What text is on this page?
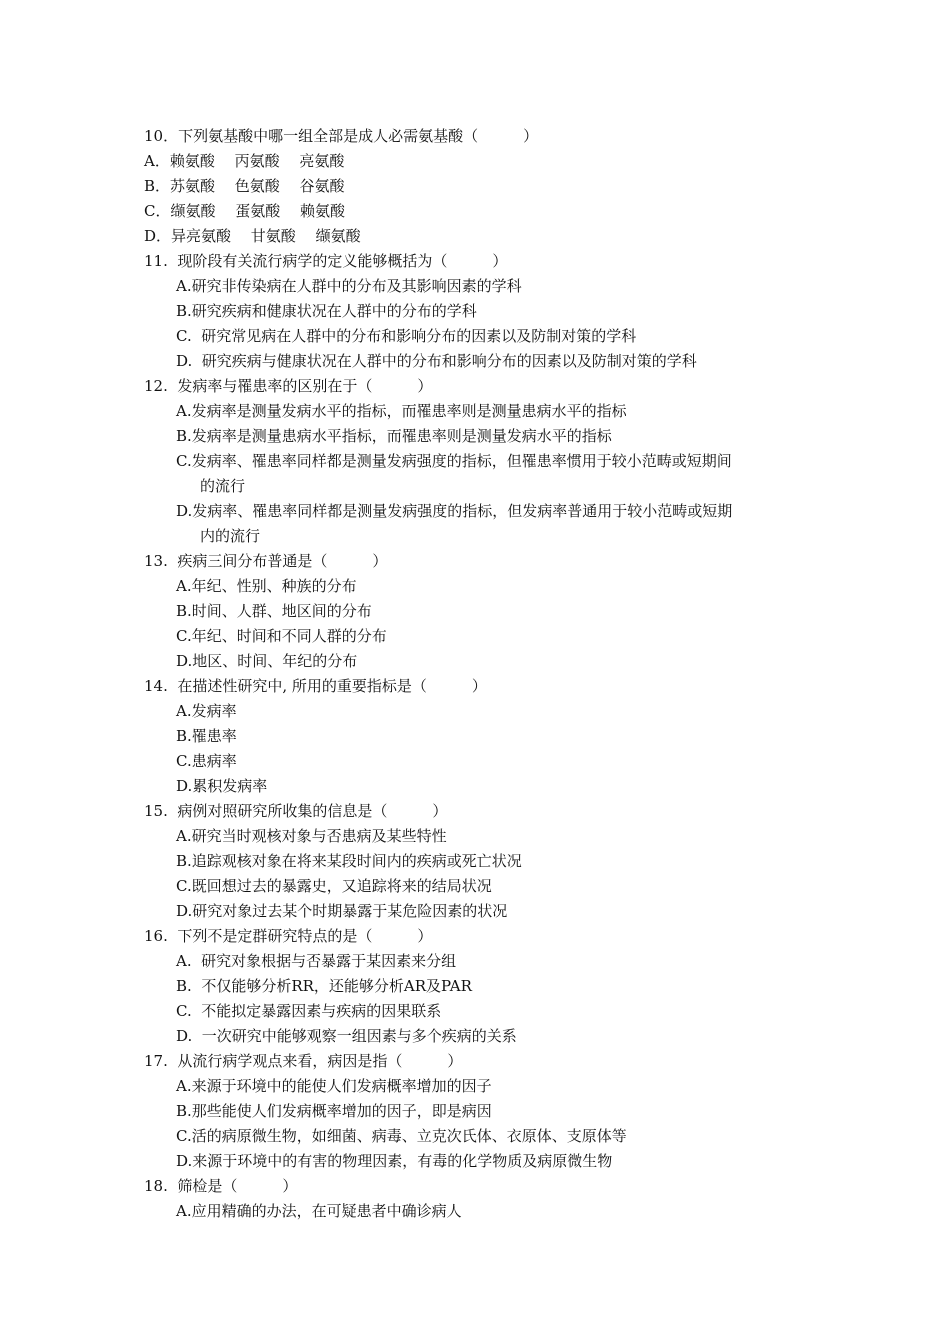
10．下列氨基酸中哪一组全部是成人必需氨基酸（　　　）
A．赖氨酸　 丙氨酸　 亮氨酸
B．苏氨酸　 色氨酸　 谷氨酸
C．缬氨酸　 蛋氨酸　 赖氨酸
D．异亮氨酸　 甘氨酸　 缬氨酸
11.  现阶段有关流行病学的定义能够概括为（　　　）
A.研究非传染病在人群中的分布及其影响因素的学科
B.研究疾病和健康状况在人群中的分布的学科
C.  研究常见病在人群中的分布和影响分布的因素以及防制对策的学科
D.  研究疾病与健康状况在人群中的分布和影响分布的因素以及防制对策的学科
12.  发病率与罹患率的区别在于（　　　）
A.发病率是测量发病水平的指标，而罹患率则是测量患病水平的指标
B.发病率是测量患病水平指标，而罹患率则是测量发病水平的指标
C.发病率、罹患率同样都是测量发病强度的指标，但罹患率惯用于较小范畴或短期间
的流行
D.发病率、罹患率同样都是测量发病强度的指标，但发病率普通用于较小范畴或短期
内的流行
13.  疾病三间分布普通是（　　　）
A.年纪、性别、种族的分布
B.时间、人群、地区间的分布
C.年纪、时间和不同人群的分布
D.地区、时间、年纪的分布
14.  在描述性研究中, 所用的重要指标是（　　　）
A.发病率
B.罹患率
C.患病率
D.累积发病率
15.  病例对照研究所收集的信息是（　　　）
A.研究当时观核对象与否患病及某些特性
B.追踪观核对象在将来某段时间内的疾病或死亡状况
C.既回想过去的暴露史，又追踪将来的结局状况
D.研究对象过去某个时期暴露于某危险因素的状况
16.  下列不是定群研究特点的是（　　　）
A.  研究对象根据与否暴露于某因素来分组
B.  不仅能够分析RR，还能够分析AR及PAR
C.  不能拟定暴露因素与疾病的因果联系
D.  一次研究中能够观察一组因素与多个疾病的关系
17.  从流行病学观点来看，病因是指（　　　）
A.来源于环境中的能使人们发病概率增加的因子
B.那些能使人们发病概率增加的因子，即是病因
C.活的病原微生物，如细菌、病毒、立克次氏体、衣原体、支原体等
D.来源于环境中的有害的物理因素，有毒的化学物质及病原微生物
18.  筛检是（　　　）
A.应用精确的办法，在可疑患者中确诊病人
